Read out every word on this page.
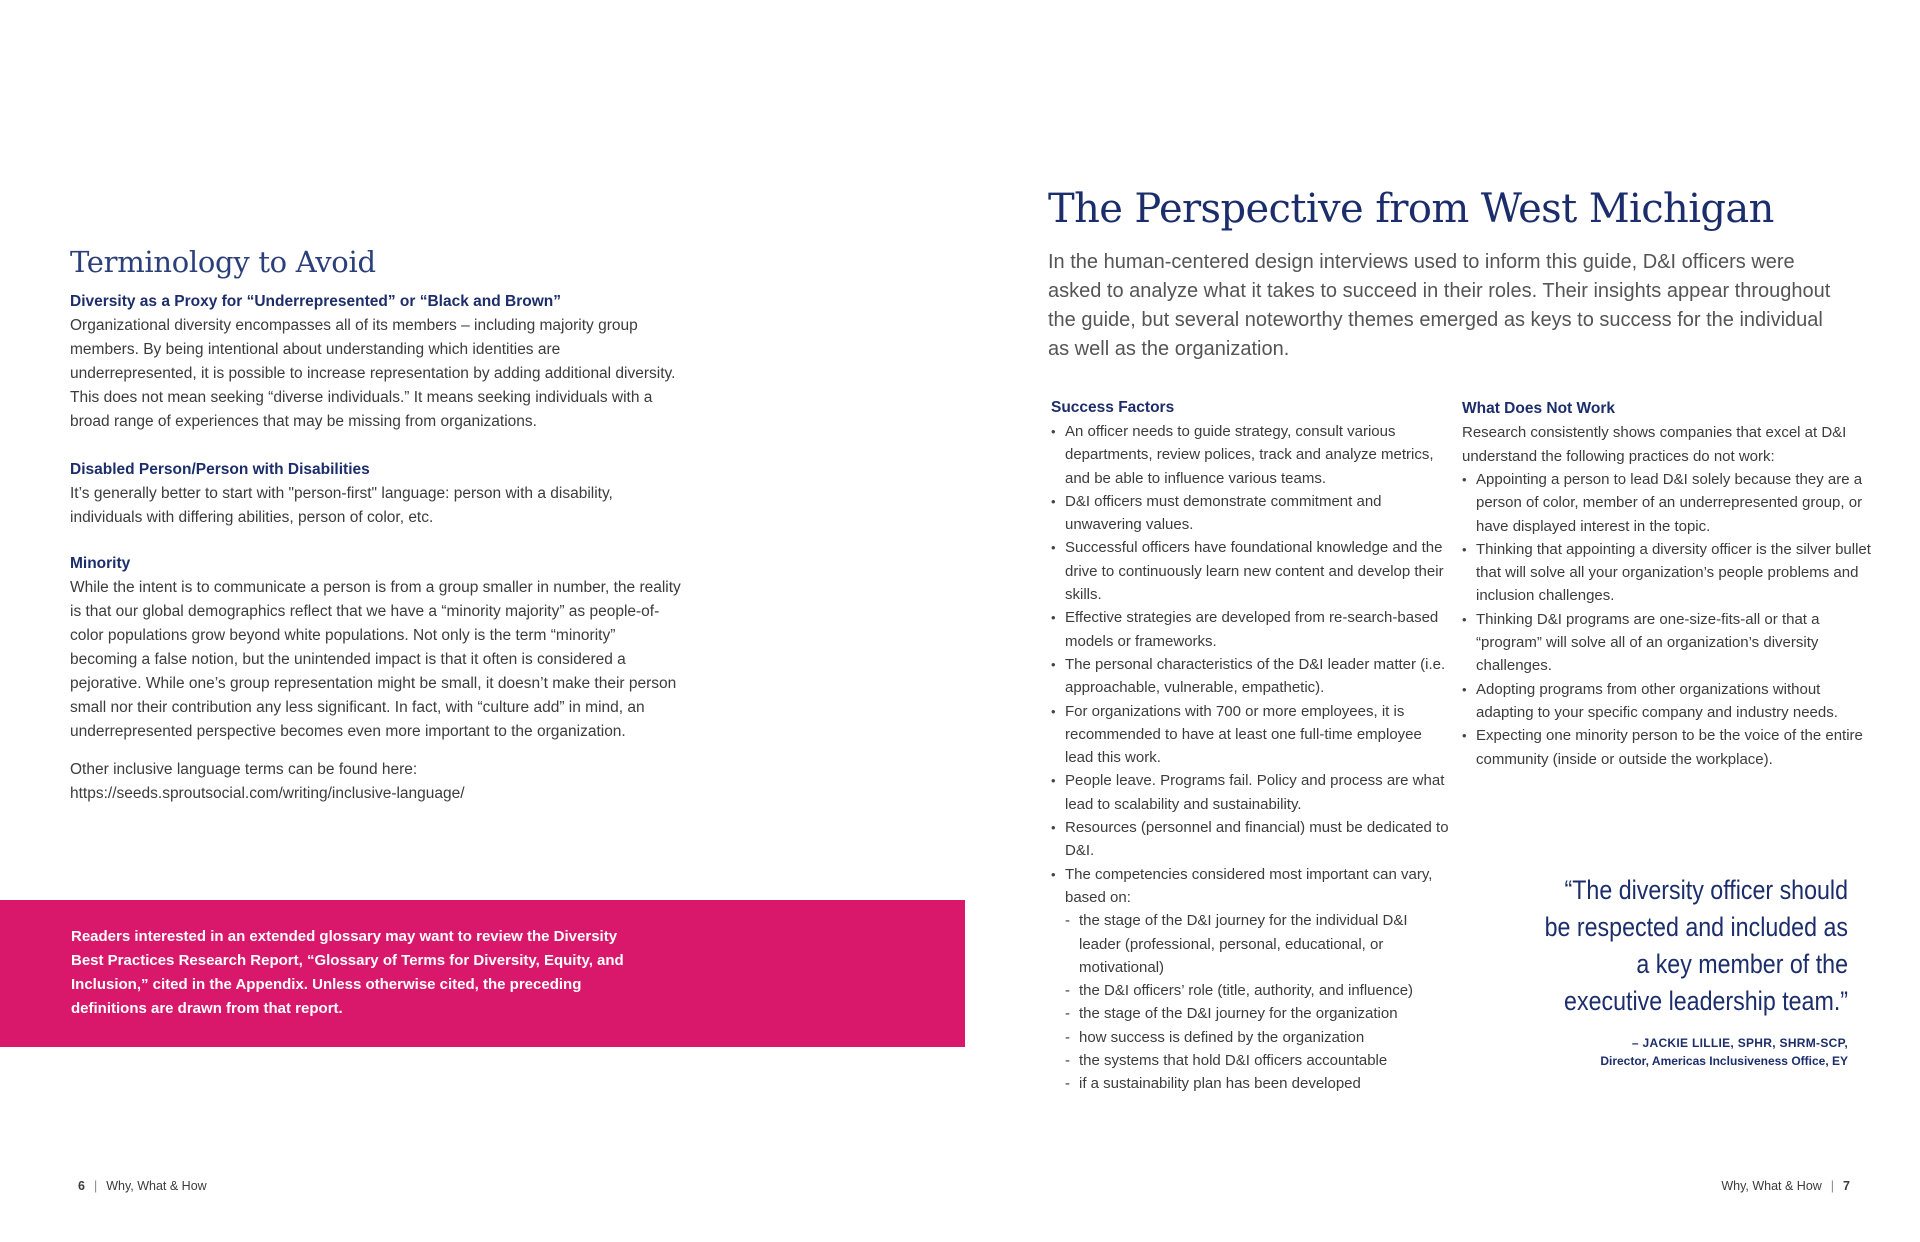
Terminology to Avoid

Diversity as a Proxy for “Underrepresented” or “Black and Brown”

Organizational diversity encompasses all of its members – including majority group members. By being intentional about understanding which identities are underrepresented, it is possible to increase representation by adding additional diversity. This does not mean seeking “diverse individuals.” It means seeking individuals with a broad range of experiences that may be missing from organizations.

Disabled Person/Person with Disabilities

It’s generally better to start with "person-first" language: person with a disability, individuals with differing abilities, person of color, etc.

Minority

While the intent is to communicate a person is from a group smaller in number, the reality is that our global demographics reflect that we have a “minority majority” as people-of-color populations grow beyond white populations. Not only is the term “minority” becoming a false notion, but the unintended impact is that it often is considered a pejorative. While one’s group representation might be small, it doesn’t make their person small nor their contribution any less significant. In fact, with “culture add” in mind, an underrepresented perspective becomes even more important to the organization.

Other inclusive language terms can be found here:

https://seeds.sproutsocial.com/writing/inclusive-language/

Readers interested in an extended glossary may want to review the Diversity Best Practices Research Report, “Glossary of Terms for Diversity, Equity, and Inclusion,” cited in the Appendix. Unless otherwise cited, the preceding definitions are drawn from that report.

6 | Why, What & How
The Perspective from West Michigan

In the human-centered design interviews used to inform this guide, D&I officers were asked to analyze what it takes to succeed in their roles. Their insights appear throughout the guide, but several noteworthy themes emerged as keys to success for the individual as well as the organization.

Success Factors

• An officer needs to guide strategy, consult various departments, review polices, track and analyze metrics, and be able to influence various teams.
• D&I officers must demonstrate commitment and unwavering values.
• Successful officers have foundational knowledge and the drive to continuously learn new content and develop their skills.
• Effective strategies are developed from re-search-based models or frameworks.
• The personal characteristics of the D&I leader matter (i.e. approachable, vulnerable, empathetic).
• For organizations with 700 or more employees, it is recommended to have at least one full-time employee lead this work.
• People leave. Programs fail. Policy and process are what lead to scalability and sustainability.
• Resources (personnel and financial) must be dedicated to D&I.
• The competencies considered most important can vary, based on:
- the stage of the D&I journey for the individual D&I leader (professional, personal, educational, or motivational)
- the D&I officers’ role (title, authority, and influence)
- the stage of the D&I journey for the organization
- how success is defined by the organization
- the systems that hold D&I officers accountable
- if a sustainability plan has been developed

What Does Not Work

Research consistently shows companies that excel at D&I understand the following practices do not work:

• Appointing a person to lead D&I solely because they are a person of color, member of an underrepresented group, or have displayed interest in the topic.
• Thinking that appointing a diversity officer is the silver bullet that will solve all your organization’s people problems and inclusion challenges.
• Thinking D&I programs are one-size-fits-all or that a “program” will solve all of an organization’s diversity challenges.
• Adopting programs from other organizations without adapting to your specific company and industry needs.
• Expecting one minority person to be the voice of the entire community (inside or outside the workplace).

“The diversity officer should be respected and included as a key member of the executive leadership team.”

– JACKIE LILLIE, SPHR, SHRM-SCP,
Director, Americas Inclusiveness Office, EY
Why, What & How | 7
